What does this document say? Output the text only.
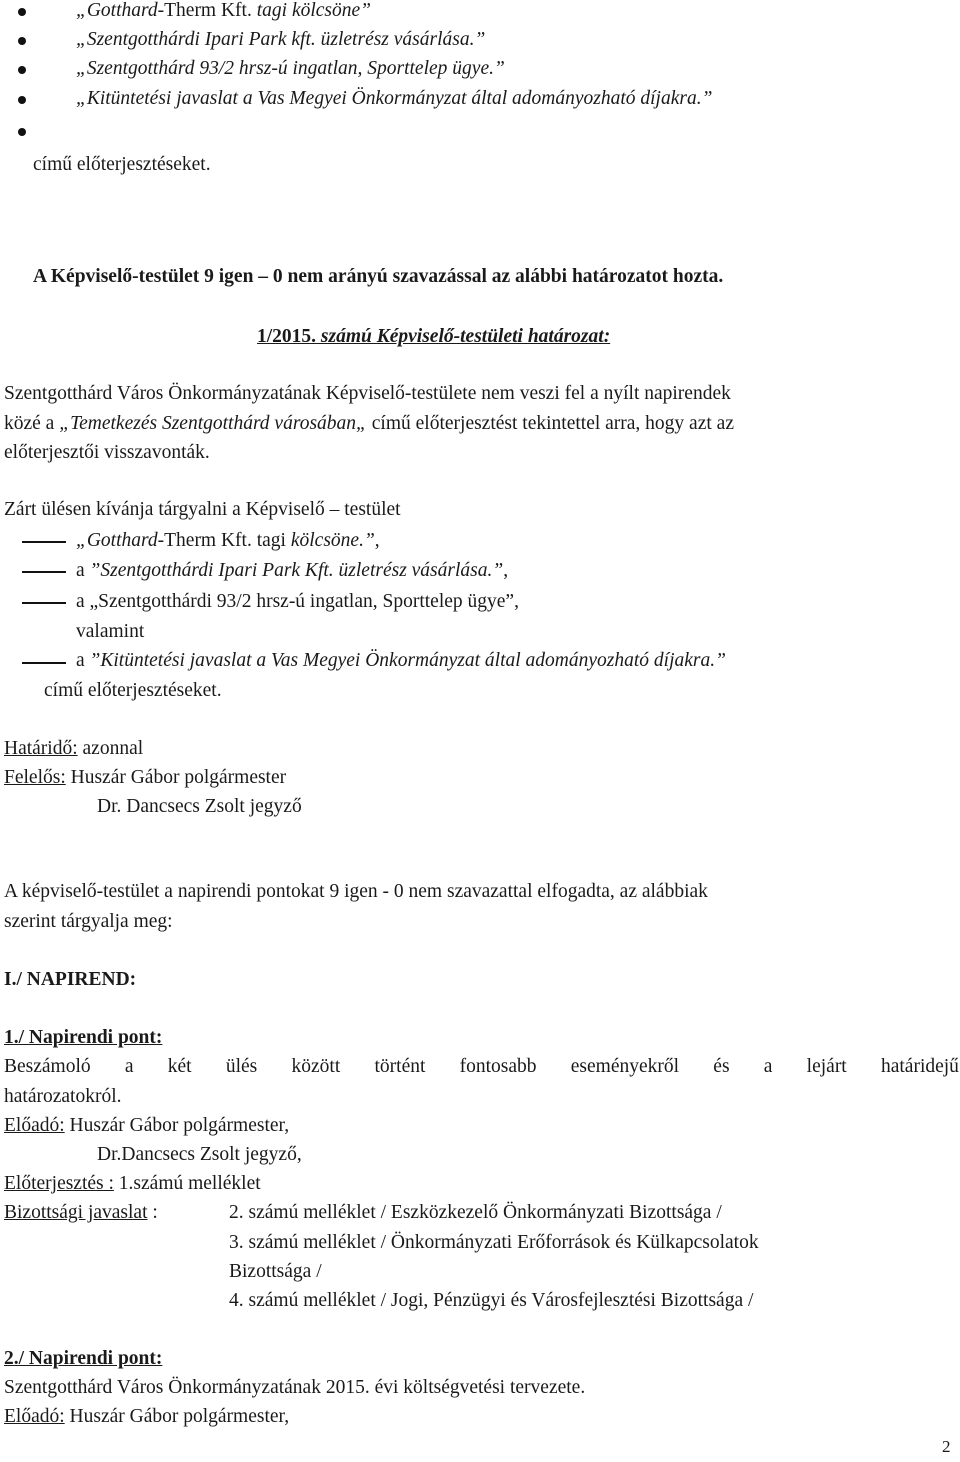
„Gotthard-Therm Kft. tagi kölcsöne”
„Szentgotthárdi Ipari Park kft. üzletrész vásárlása.”
„Szentgotthárd 93/2 hrsz-ú ingatlan, Sporttelep ügye.”
„Kitüntetési javaslat a Vas Megyei Önkormányzat által adományozható díjakra.”
című előterjesztéseket.
A Képviselő-testület 9 igen – 0 nem arányú szavazással az alábbi határozatot hozta.
1/2015. számú Képviselő-testületi határozat:
Szentgotthárd Város Önkormányzatának Képviselő-testülete nem veszi fel a nyílt napirendek
közé a „Temetkezés Szentgotthárd városában„ című előterjesztést tekintettel arra, hogy azt az
előterjesztői visszavonták.
Zárt ülésen kívánja tárgyalni a Képviselő – testület
„Gotthard-Therm Kft. tagi kölcsöne.”,
a ”Szentgotthárdi Ipari Park Kft. üzletrész vásárlása.”,
a „Szentgotthárdi 93/2 hrsz-ú ingatlan, Sporttelep ügye”,
valamint
a ”Kitüntetési javaslat a Vas Megyei Önkormányzat által adományozható díjakra.”
című előterjesztéseket.
Határidő: azonnal
Felelős: Huszár Gábor polgármester
Dr. Dancsecs Zsolt jegyző
A képviselő-testület a napirendi pontokat 9 igen - 0 nem szavazattal elfogadta, az alábbiak
szerint tárgyalja meg:
I./ NAPIREND:
1./ Napirendi pont:
Beszámoló a két ülés között történt fontosabb eseményekről és a lejárt határidejű
határozatokról.
Előadó: Huszár Gábor polgármester,
Dr.Dancsecs Zsolt jegyző,
Előterjesztés : 1.számú melléklet
Bizottsági javaslat :	2. számú melléklet / Eszközkezelő Önkormányzati Bizottsága /
3. számú melléklet / Önkormányzati Erőforrások és Külkapcsolatok
Bizottsága /
4. számú melléklet / Jogi, Pénzügyi és Városfejlesztési Bizottsága /
2./ Napirendi pont:
Szentgotthárd Város Önkormányzatának 2015. évi költségvetési tervezete.
Előadó: Huszár Gábor polgármester,
2
